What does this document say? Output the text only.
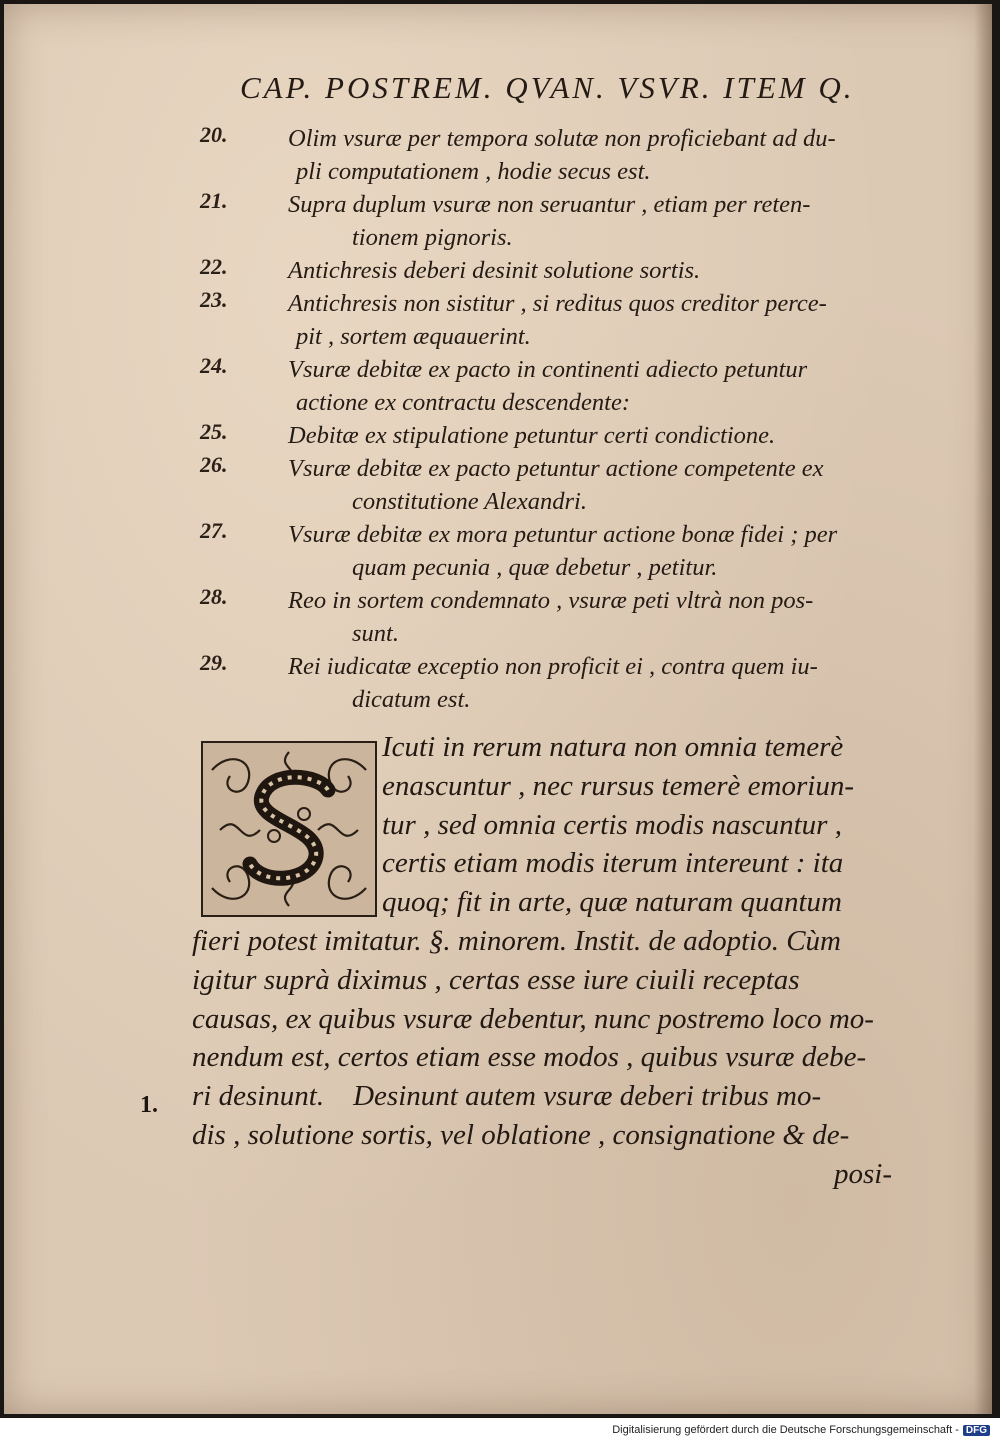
CAP. POSTREM. QVAN. VSVR. ITEM Q.
20. Olim vsuræ per tempora solutæ non proficiebant ad du-
pli computationem , hodie secus est.
21. Supra duplum vsuræ non seruantur , etiam per reten-
tionem pignoris.
22. Antichresis deberi desinit solutione sortis.
23. Antichresis non sistitur , si reditus quos creditor perce-
pit , sortem æquauerint.
24. Vsuræ debitæ ex pacto in continenti adiecto petuntur
actione ex contractu descendente:
25. Debitæ ex stipulatione petuntur certi condictione.
26. Vsuræ debitæ ex pacto petuntur actione competente ex
constitutione Alexandri.
27. Vsuræ debitæ ex mora petuntur actione bonæ fidei ; per
quam pecunia , quæ debetur , petitur.
28. Reo in sortem condemnato , vsuræ peti vltrà non pos-
sunt.
29. Rei iudicatæ exceptio non proficit ei , contra quem iu-
dicatum est.
Icuti in rerum natura non omnia temerè
enascuntur , nec rursus temerè emoriun-
tur , sed omnia certis modis nascuntur ,
certis etiam modis iterum intereunt : ita
quoq; fit in arte, quæ naturam quantum
fieri potest imitatur. §. minorem. Instit. de adoptio. Cùm
igitur suprà diximus , certas esse iure ciuili receptas
causas, ex quibus vsuræ debentur, nunc postremo loco mo-
nendum est, certos etiam esse modos , quibus vsuræ debe-
ri desinunt.    Desinunt autem vsuræ deberi tribus mo-
dis , solutione sortis, vel oblatione , consignatione & de-
posi-
1.
Digitalisierung gefördert durch die Deutsche Forschungsgemeinschaft - DFG
